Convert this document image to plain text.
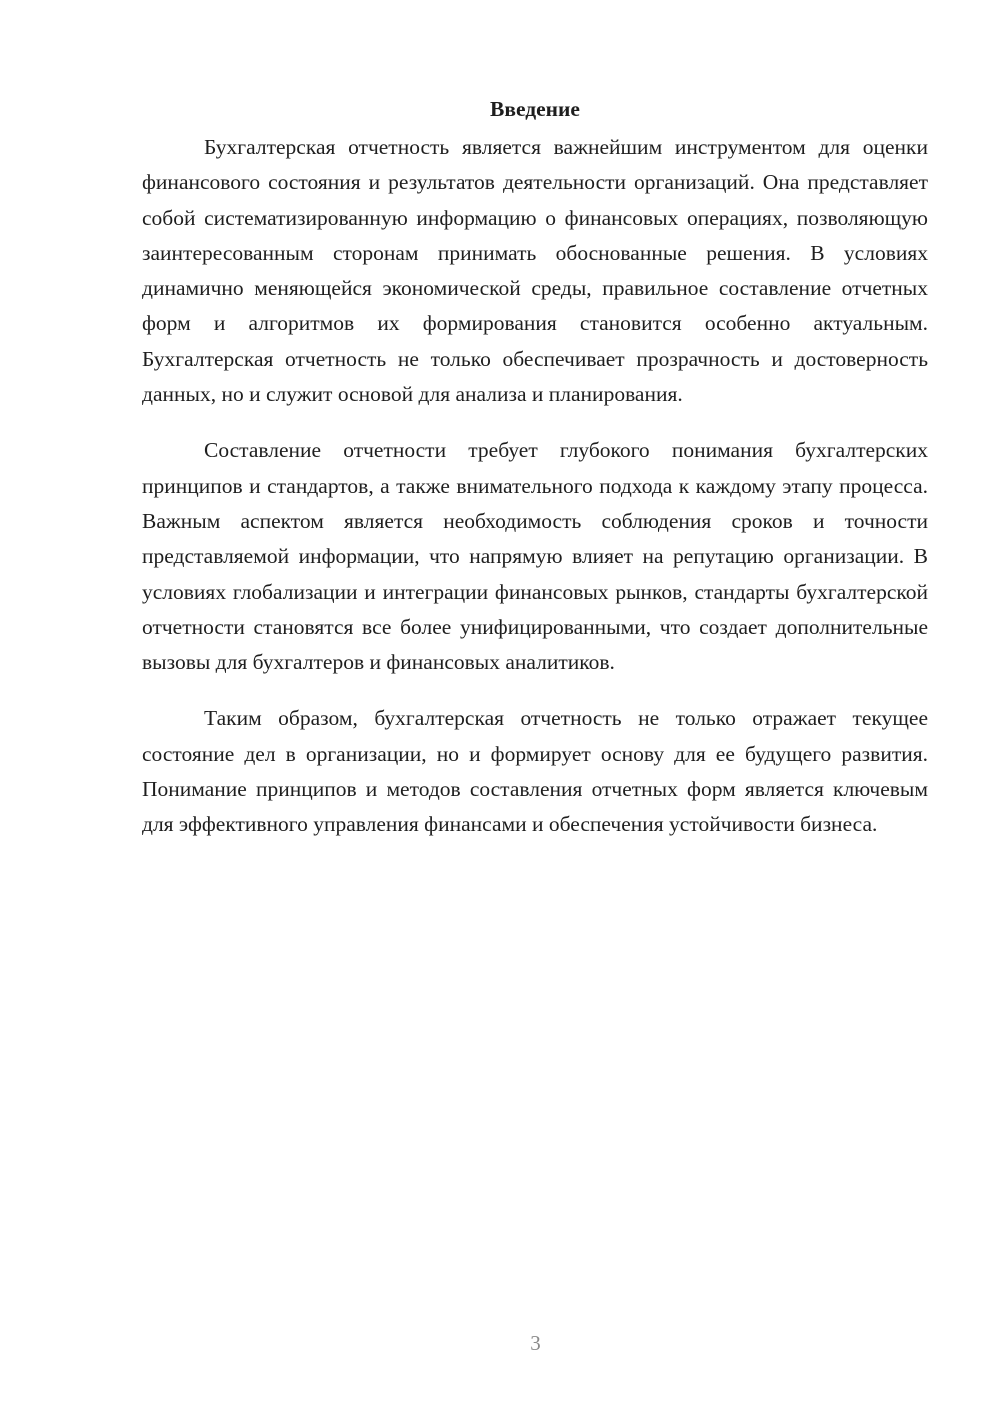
Введение

Бухгалтерская отчетность является важнейшим инструментом для оценки финансового состояния и результатов деятельности организаций. Она представляет собой систематизированную информацию о финансовых операциях, позволяющую заинтересованным сторонам принимать обоснованные решения. В условиях динамично меняющейся экономической среды, правильное составление отчетных форм и алгоритмов их формирования становится особенно актуальным. Бухгалтерская отчетность не только обеспечивает прозрачность и достоверность данных, но и служит основой для анализа и планирования.

Составление отчетности требует глубокого понимания бухгалтерских принципов и стандартов, а также внимательного подхода к каждому этапу процесса. Важным аспектом является необходимость соблюдения сроков и точности представляемой информации, что напрямую влияет на репутацию организации. В условиях глобализации и интеграции финансовых рынков, стандарты бухгалтерской отчетности становятся все более унифицированными, что создает дополнительные вызовы для бухгалтеров и финансовых аналитиков.

Таким образом, бухгалтерская отчетность не только отражает текущее состояние дел в организации, но и формирует основу для ее будущего развития. Понимание принципов и методов составления отчетных форм является ключевым для эффективного управления финансами и обеспечения устойчивости бизнеса.

3
